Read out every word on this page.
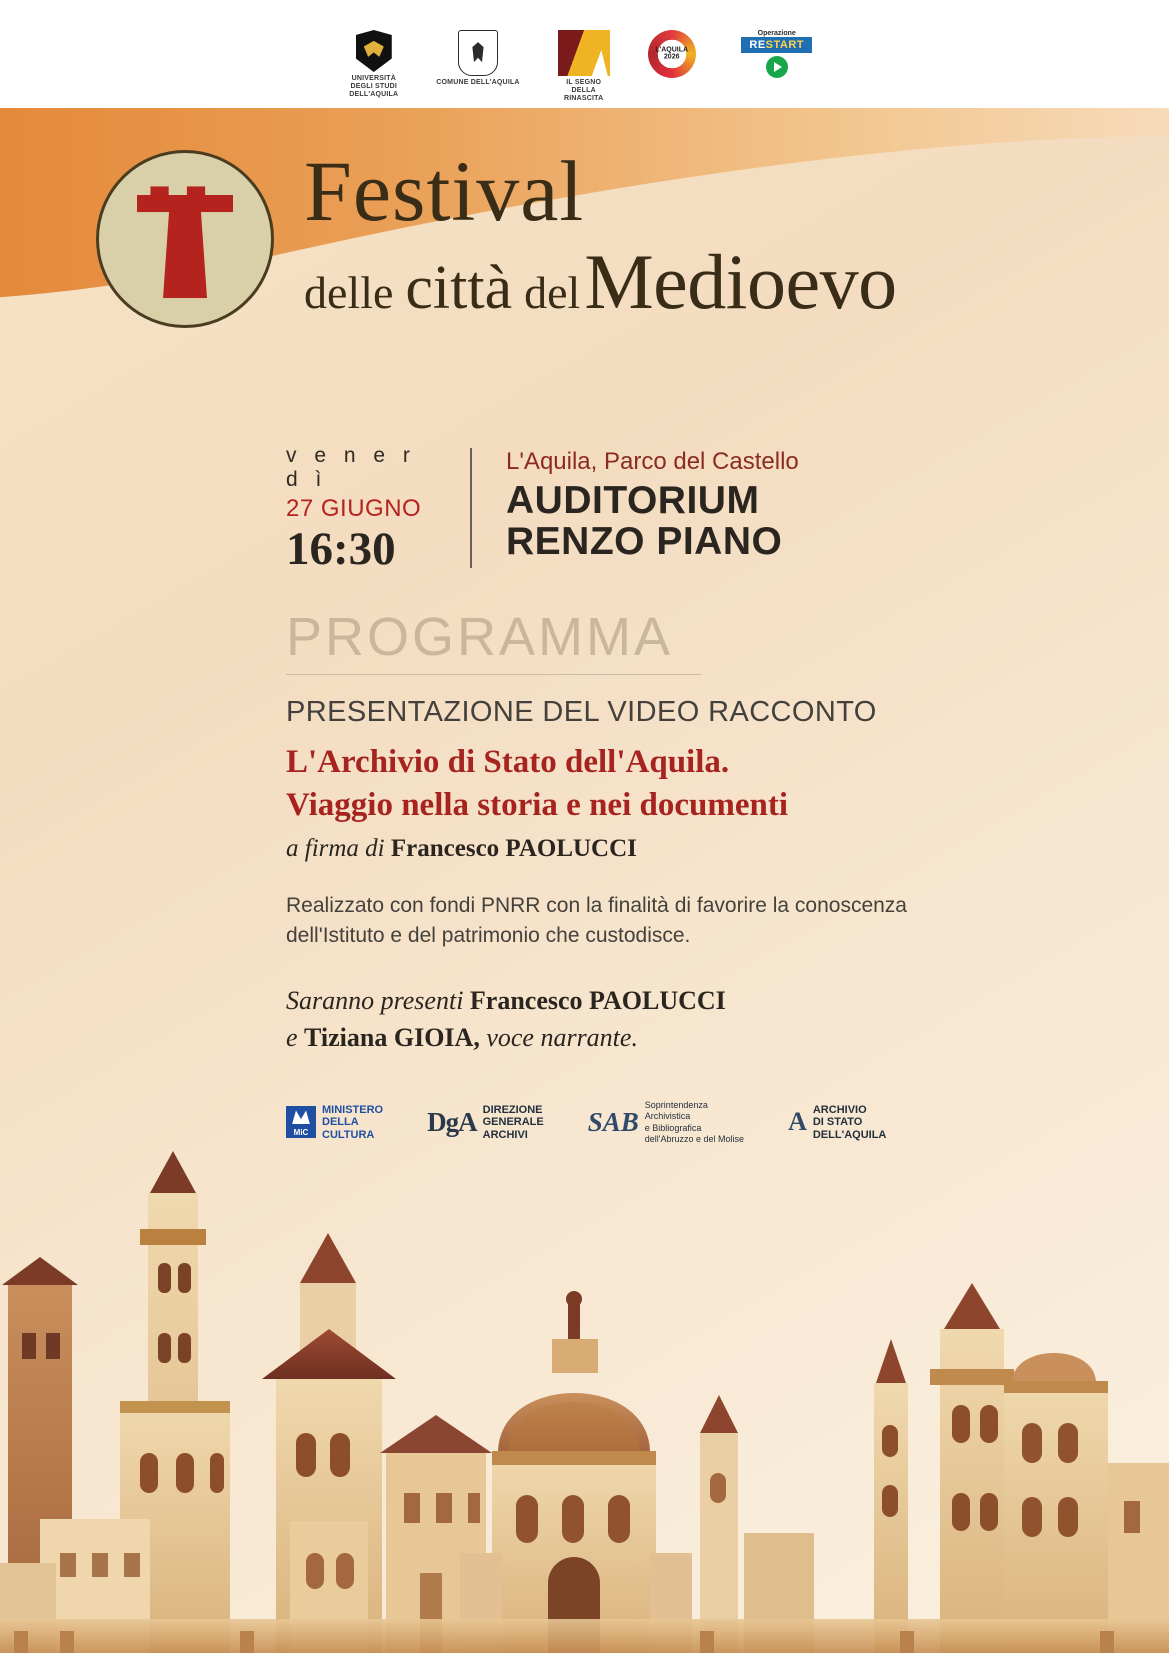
UNIVERSITÀ
DEGLI STUDI
DELL'AQUILA
COMUNE DELL'AQUILA	IL SEGNO
DELLA
RINASCITA
L'AQUILA
2026
Operazione
RESTART
Festival
delle città del Medioevo
v e n e r d ì
27 GIUGNO
16:30
L'Aquila, Parco del Castello
AUDITORIUM
RENZO PIANO
PROGRAMMA
PRESENTAZIONE DEL VIDEO RACCONTO
L'Archivio di Stato dell'Aquila.
Viaggio nella storia e nei documenti
a firma di Francesco PAOLUCCI
Realizzato con fondi PNRR con la finalità di favorire la conoscenza dell'Istituto e del patrimonio che custodisce.
Saranno presenti Francesco PAOLUCCI
e Tiziana GIOIA, voce narrante.
MiC
MINISTERO
DELLA
CULTURA	DgA DIREZIONE
GENERALE
ARCHIVI	SAB
Soprintendenza
Archivistica
e Bibliografica
dell'Abruzzo e del Molise
A ARCHIVIO
DI STATO
DELL'AQUILA
